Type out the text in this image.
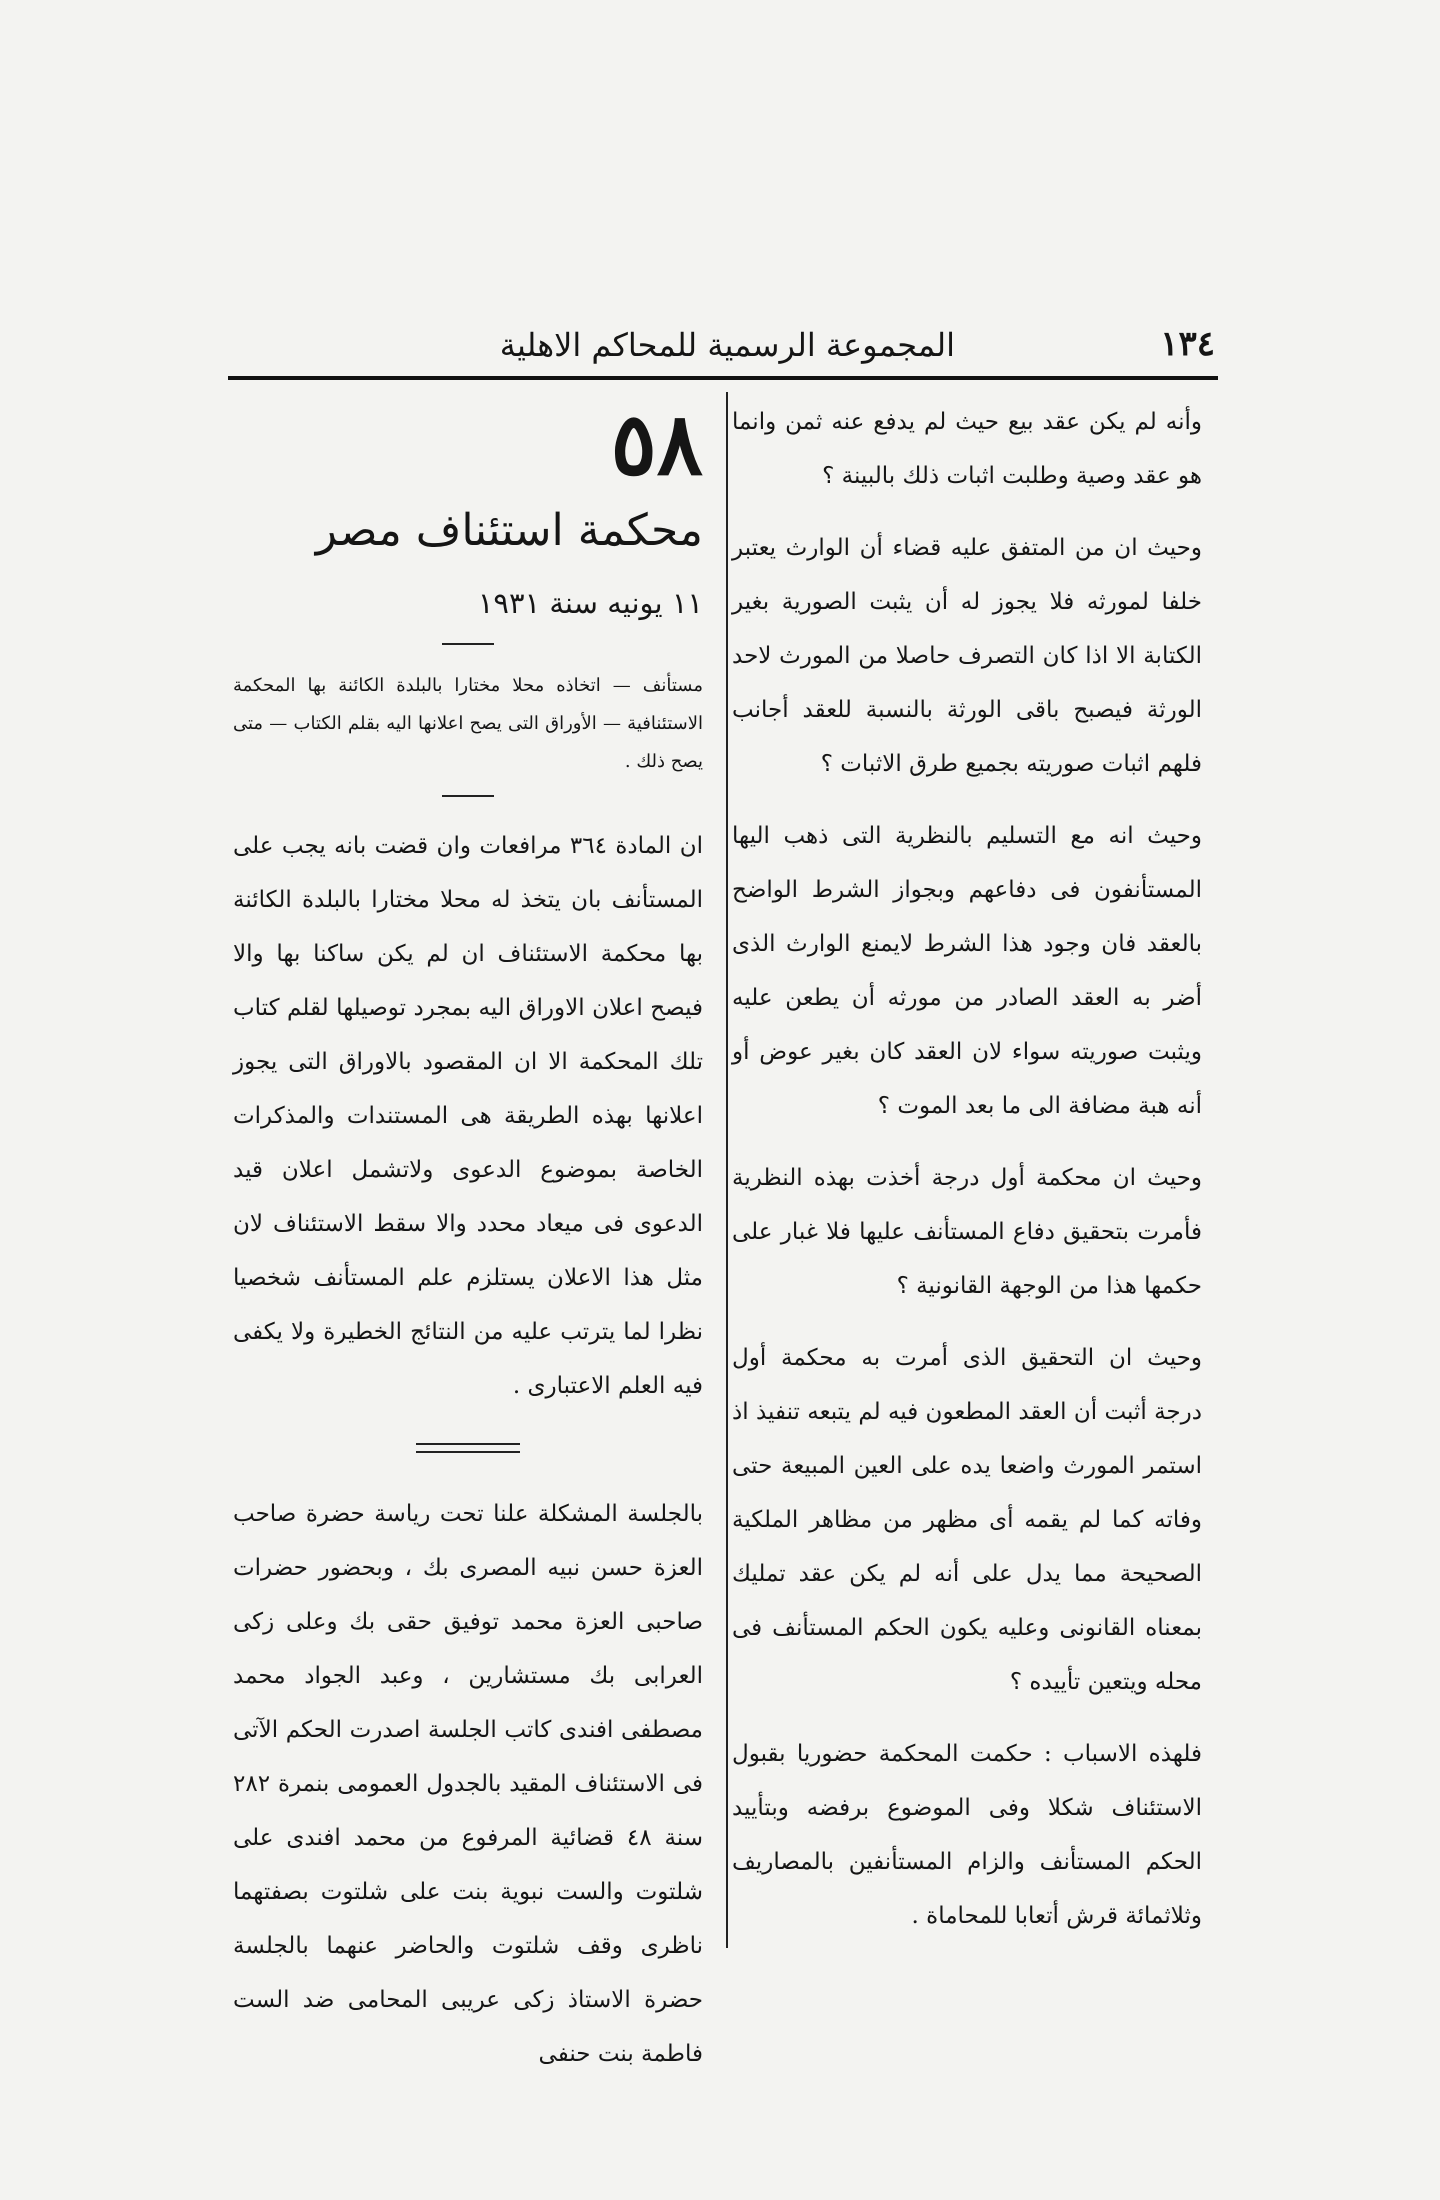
١٣٤
المجموعة الرسمية للمحاكم الاهلية

وأنه لم يكن عقد بيع حيث لم يدفع عنه ثمن وانما هو عقد وصية وطلبت اثبات ذلك بالبينة ؟

وحيث ان من المتفق عليه قضاء أن الوارث يعتبر خلفا لمورثه فلا يجوز له أن يثبت الصورية بغير الكتابة الا اذا كان التصرف حاصلا من المورث لاحد الورثة فيصبح باقى الورثة بالنسبة للعقد أجانب فلهم اثبات صوريته بجميع طرق الاثبات ؟

وحيث انه مع التسليم بالنظرية التى ذهب اليها المستأنفون فى دفاعهم وبجواز الشرط الواضح بالعقد فان وجود هذا الشرط لايمنع الوارث الذى أضر به العقد الصادر من مورثه أن يطعن عليه ويثبت صوريته سواء لان العقد كان بغير عوض أو أنه هبة مضافة الى ما بعد الموت ؟

وحيث ان محكمة أول درجة أخذت بهذه النظرية فأمرت بتحقيق دفاع المستأنف عليها فلا غبار على حكمها هذا من الوجهة القانونية ؟

وحيث ان التحقيق الذى أمرت به محكمة أول درجة أثبت أن العقد المطعون فيه لم يتبعه تنفيذ اذ استمر المورث واضعا يده على العين المبيعة حتى وفاته كما لم يقمه أى مظهر من مظاهر الملكية الصحيحة مما يدل على أنه لم يكن عقد تمليك بمعناه القانونى وعليه يكون الحكم المستأنف فى محله ويتعين تأييده ؟

فلهذه الاسباب : حكمت المحكمة حضوريا بقبول الاستئناف شكلا وفى الموضوع برفضه وبتأييد الحكم المستأنف والزام المستأنفين بالمصاريف وثلاثمائة قرش أتعابا للمحاماة .

٥٨
محكمة استئناف مصر
١١ يونيه سنة ١٩٣١

مستأنف — اتخاذه محلا مختارا بالبلدة الكائنة بها المحكمة الاستئنافية — الأوراق التى يصح اعلانها اليه بقلم الكتاب — متى يصح ذلك .

ان المادة ٣٦٤ مرافعات وان قضت بانه يجب على المستأنف بان يتخذ له محلا مختارا بالبلدة الكائنة بها محكمة الاستئناف ان لم يكن ساكنا بها والا فيصح اعلان الاوراق اليه بمجرد توصيلها لقلم كتاب تلك المحكمة الا ان المقصود بالاوراق التى يجوز اعلانها بهذه الطريقة هى المستندات والمذكرات الخاصة بموضوع الدعوى ولاتشمل اعلان قيد الدعوى فى ميعاد محدد والا سقط الاستئناف لان مثل هذا الاعلان يستلزم علم المستأنف شخصيا نظرا لما يترتب عليه من النتائج الخطيرة ولا يكفى فيه العلم الاعتبارى .

بالجلسة المشكلة علنا تحت رياسة حضرة صاحب العزة حسن نبيه المصرى بك ، وبحضور حضرات صاحبى العزة محمد توفيق حقى بك وعلى زكى العرابى بك مستشارين ، وعبد الجواد محمد مصطفى افندى كاتب الجلسة اصدرت الحكم الآتى فى الاستئناف المقيد بالجدول العمومى بنمرة ٢٨٢ سنة ٤٨ قضائية المرفوع من محمد افندى على شلتوت والست نبوية بنت على شلتوت بصفتهما ناظرى وقف شلتوت والحاضر عنهما بالجلسة حضرة الاستاذ زكى عريبى المحامى ضد الست فاطمة بنت حنفى
